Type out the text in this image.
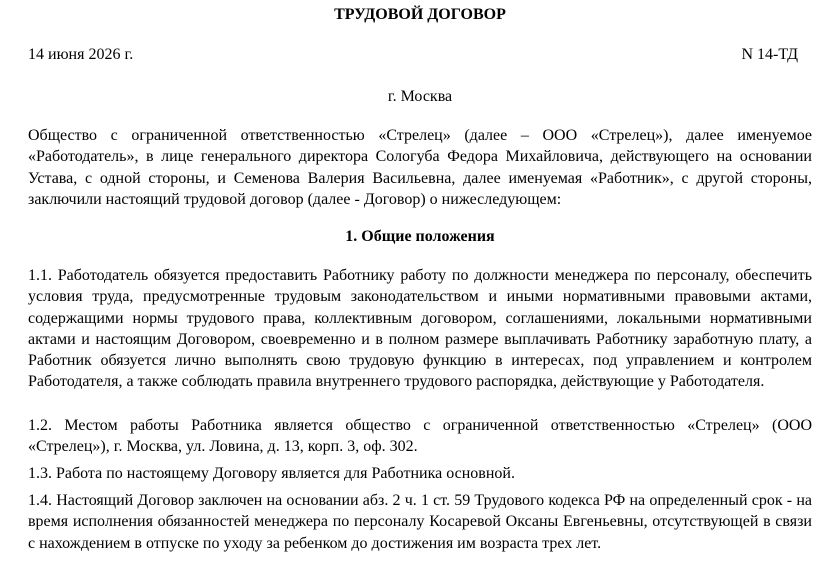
ТРУДОВОЙ ДОГОВОР
14 июня 2026 г.	N 14-ТД
г. Москва

Общество с ограниченной ответственностью «Стрелец» (далее – ООО «Стрелец»), далее именуемое «Работодатель», в лице генерального директора Сологуба Федора Михайловича, действующего на основании Устава, с одной стороны, и Семенова Валерия Васильевна, далее именуемая «Работник», с другой стороны, заключили настоящий трудовой договор (далее - Договор) о нижеследующем:

1. Общие положения

1.1. Работодатель обязуется предоставить Работнику работу по должности менеджера по персоналу, обеспечить условия труда, предусмотренные трудовым законодательством и иными нормативными правовыми актами, содержащими нормы трудового права, коллективным договором, соглашениями, локальными нормативными актами и настоящим Договором, своевременно и в полном размере выплачивать Работнику заработную плату, а Работник обязуется лично выполнять свою трудовую функцию в интересах, под управлением и контролем Работодателя, а также соблюдать правила внутреннего трудового распорядка, действующие у Работодателя.

1.2. Местом работы Работника является общество с ограниченной ответственностью «Стрелец» (ООО «Стрелец»), г. Москва, ул. Ловина, д. 13, корп. 3, оф. 302.

1.3. Работа по настоящему Договору является для Работника основной.

1.4. Настоящий Договор заключен на основании абз. 2 ч. 1 ст. 59 Трудового кодекса РФ на определенный срок - на время исполнения обязанностей менеджера по персоналу Косаревой Оксаны Евгеньевны, отсутствующей в связи с нахождением в отпуске по уходу за ребенком до достижения им возраста трех лет.
